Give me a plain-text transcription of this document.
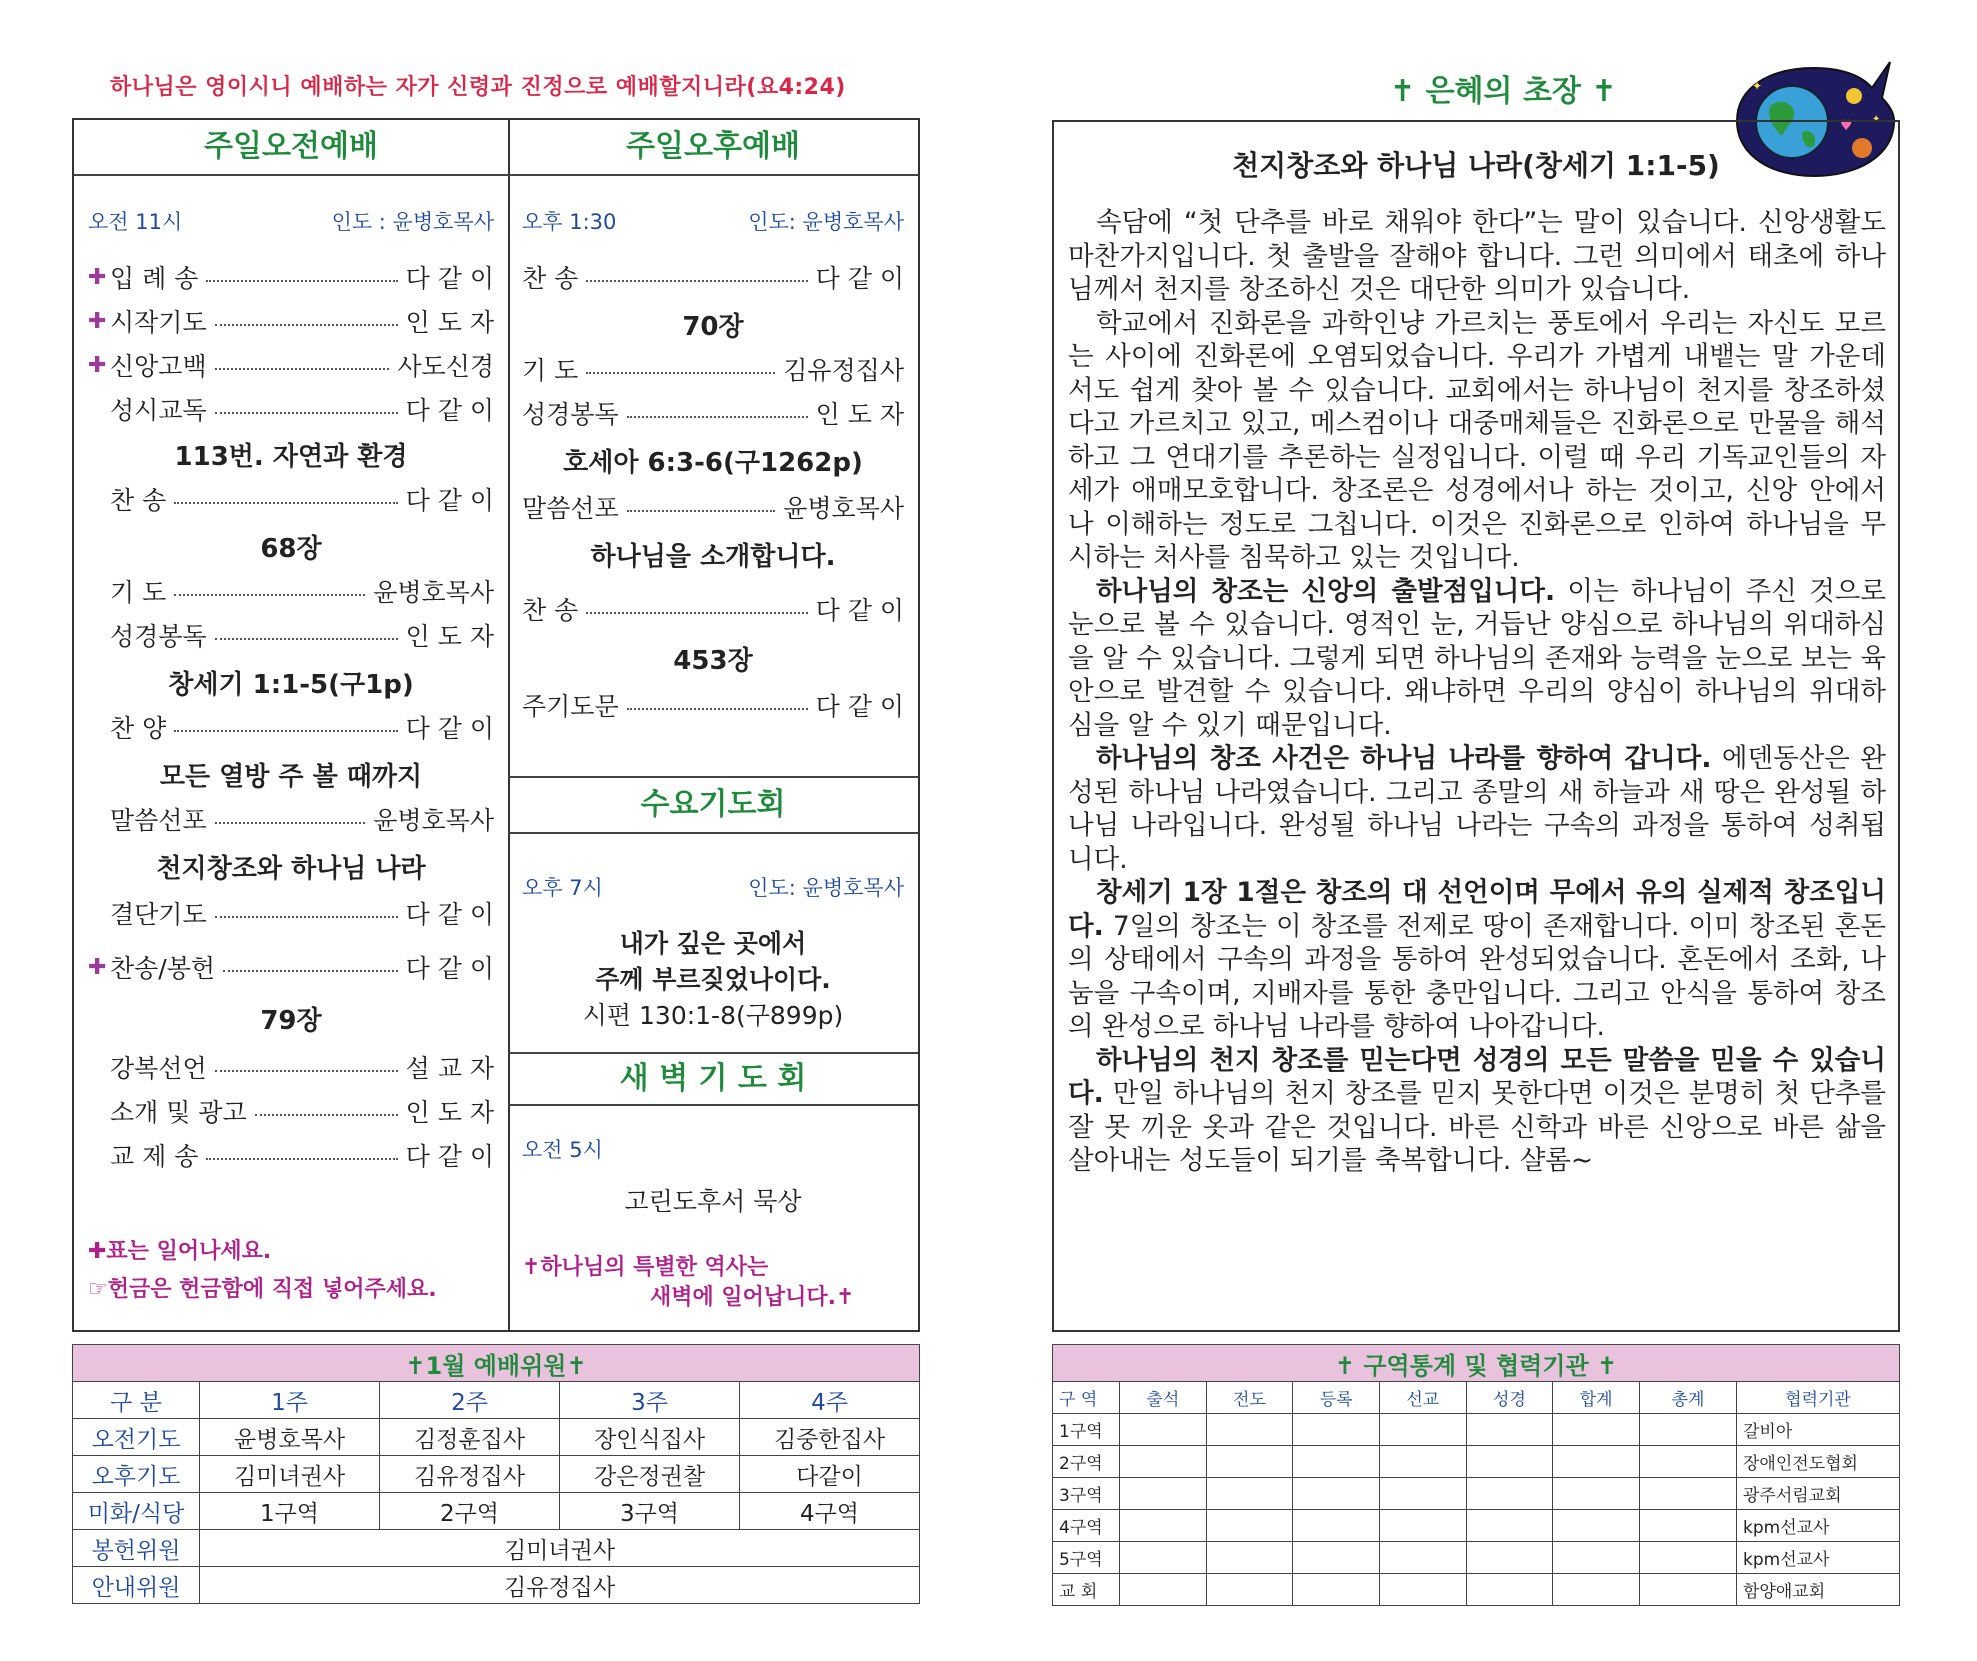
하나님은 영이시니 예배하는 자가 신령과 진정으로 예배할지니라(요4:24)
주일오전예배
오전 11시	인도 : 윤병호목사
✚ 입 례 송	다 같 이
✚ 시작기도	인 도 자
✚ 신앙고백	사도신경
성시교독	다 같 이
113번. 자연과 환경
찬 송	다 같 이
68장
기 도	윤병호목사
성경봉독	인 도 자
창세기 1:1-5(구1p)
찬 양	다 같 이
모든 열방 주 볼 때까지
말씀선포	윤병호목사
천지창조와 하나님 나라
결단기도	다 같 이
✚ 찬송/봉헌	다 같 이
79장
강복선언	설 교 자
소개 및 광고	인 도 자
교 제 송	다 같 이
✚표는 일어나세요.
☞헌금은 헌금함에 직접 넣어주세요.
주일오후예배
오후 1:30	인도: 윤병호목사
찬 송	다 같 이
70장
기 도	김유정집사
성경봉독	인 도 자
호세아 6:3-6(구1262p)
말씀선포	윤병호목사
하나님을 소개합니다.
찬 송	다 같 이
453장
주기도문	다 같 이
수요기도회
오후 7시	인도: 윤병호목사
내가 깊은 곳에서
주께 부르짖었나이다.
시편 130:1-8(구899p)
새 벽 기 도 회
오전 5시
고린도후서 묵상
✝하나님의 특별한 역사는
새벽에 일어납니다.✝
✝ 은혜의 초장 ✝
♥
✦
✦
천지창조와 하나님 나라(창세기 1:1-5)

속담에 “첫 단추를 바로 채워야 한다”는 말이 있습니다. 신앙생활도 마찬가지입니다. 첫 출발을 잘해야 합니다. 그런 의미에서 태초에 하나님께서 천지를 창조하신 것은 대단한 의미가 있습니다.

학교에서 진화론을 과학인냥 가르치는 풍토에서 우리는 자신도 모르는 사이에 진화론에 오염되었습니다. 우리가 가볍게 내뱉는 말 가운데서도 쉽게 찾아 볼 수 있습니다. 교회에서는 하나님이 천지를 창조하셨다고 가르치고 있고, 메스컴이나 대중매체들은 진화론으로 만물을 해석하고 그 연대기를 추론하는 실정입니다. 이럴 때 우리 기독교인들의 자세가 애매모호합니다. 창조론은 성경에서나 하는 것이고, 신앙 안에서나 이해하는 정도로 그칩니다. 이것은 진화론으로 인하여 하나님을 무시하는 처사를 침묵하고 있는 것입니다.

하나님의 창조는 신앙의 출발점입니다. 이는 하나님이 주신 것으로 눈으로 볼 수 있습니다. 영적인 눈, 거듭난 양심으로 하나님의 위대하심을 알 수 있습니다. 그렇게 되면 하나님의 존재와 능력을 눈으로 보는 육안으로 발견할 수 있습니다. 왜냐하면 우리의 양심이 하나님의 위대하심을 알 수 있기 때문입니다.

하나님의 창조 사건은 하나님 나라를 향하여 갑니다. 에덴동산은 완성된 하나님 나라였습니다. 그리고 종말의 새 하늘과 새 땅은 완성될 하나님 나라입니다. 완성될 하나님 나라는 구속의 과정을 통하여 성취됩니다.

창세기 1장 1절은 창조의 대 선언이며 무에서 유의 실제적 창조입니다. 7일의 창조는 이 창조를 전제로 땅이 존재합니다. 이미 창조된 혼돈의 상태에서 구속의 과정을 통하여 완성되었습니다. 혼돈에서 조화, 나눔을 구속이며, 지배자를 통한 충만입니다. 그리고 안식을 통하여 창조의 완성으로 하나님 나라를 향하여 나아갑니다.

하나님의 천지 창조를 믿는다면 성경의 모든 말씀을 믿을 수 있습니다. 만일 하나님의 천지 창조를 믿지 못한다면 이것은 분명히 첫 단추를 잘 못 끼운 옷과 같은 것입니다. 바른 신학과 바른 신앙으로 바른 삶을 살아내는 성도들이 되기를 축복합니다. 샬롬~

✝1월 예배위원✝				
구 분	1주	2주	3주	4주
오전기도	윤병호목사	김정훈집사	장인식집사	김중한집사
오후기도	김미녀권사	김유정집사	강은정권찰	다같이
미화/식당	1구역	2구역	3구역	4구역
봉헌위원	김미녀권사			
안내위원	김유정집사			
✝ 구역통계 및 협력기관 ✝								
구 역	출석	전도	등록	선교	성경	합계	총계	협력기관
1구역								갈비아
2구역								장애인전도협회
3구역								광주서림교회
4구역								kpm선교사
5구역								kpm선교사
교 회								함양애교회
